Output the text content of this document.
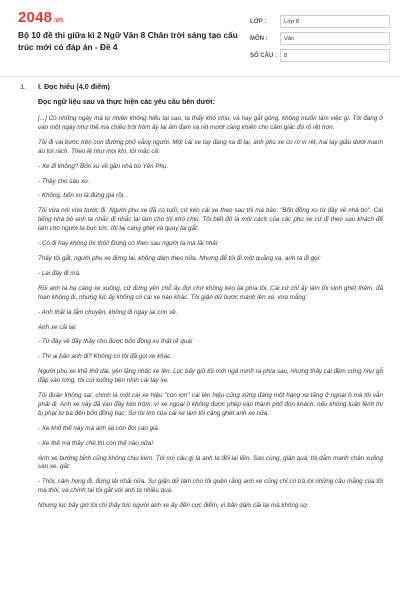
2048 .vn
Bộ 10 đề thi giữa kì 2 Ngữ Văn 8 Chân trời sáng tạo cấu trúc mới có đáp án - Đề 4
LỚP :	Lớp 8
MÔN :	Văn
SỐ CÂU :	8
1. I. Đọc hiểu (4,0 điểm)
Đọc ngữ liệu sau và thực hiện các yêu cầu bên dưới:

[...] Có những ngày mà tự nhiên không hiểu tại sao, ta thấy khó chịu, và hay gắt gỏng, không muốn làm việc gì. Tôi đang ở vào một ngày như thế mà chiều trời hôm ấy lại âm đạm và rét mướt càng khiến cho cảm giác đó rõ rệt hơn.

Tôi đi vài bước trên con đường phố vắng người. Một cái xe tay đang xa đi lại, anh phu xe co ro vì rét, hai tay giấu dưới manh áo tơi rách. Theo lệ như mọi khi, tôi mặc cả:

- Xe đi không? Bốn xu về gần nhà bò Yên Phụ.

- Thầy cho sáu xu.

- Không, bốn xu là đúng giá rồi.

Tôi vừa nói vừa bước đi. Người phu xe đã có tuổi, cứ kéo cái xe theo sau tôi mà bảo: "Bốn đồng xu từ đây về nhà bò". Cái tiếng nhà bò anh ta nhắc đi nhắc lại làm cho tôi khó chịu. Tôi biết đó là một cách của các phu xe cứ đi theo sau khách để làm cho người ta bực tức, tôi lại càng ghét và quay lại gắt:

- Có đi hay không thì thôi! Đừng có theo sau người ta mà lải nhải.

Thấy tôi gắt, người phu xe đứng lại, không dám theo nữa. Nhưng để tôi đi một quãng xa, anh ta đi gọi:

- Lại đây đi mà.

Rồi anh ta hạ càng xe xuống, cử đứng yên chỗ ấy đợi chứ không kéo lại phía tôi. Cái cử chỉ ấy làm tôi sinh ghét thêm, đã toan không đi, nhưng lúc ấy không có cái xe nào khác. Tôi giận dữ bước mạnh lên xe, vừa mắng:

- Anh thật là lắm chuyện, không đi ngay lại còn về.

Anh xe cãi lại:

- Từ đây về đấy thầy cho được bốn đồng xu thật rẻ quá!

- Thì ai bảo anh đi? Không có tôi đã gọi xe khác.

Người phu xe khẽ thở dài, yên lặng nhấc xe lên. Lúc bấy giờ tôi mới ngả mình ra phía sau, nhưng thấy cái đệm cứng như gỗ đập vào lưng, tôi cúi xuống bên nhìn cái tay xe.

Tôi đoán không sai, chính là một cái xe hiệu "con lợn" cái tên hiệu cũng xứng đáng một hạng xe tăng ở ngoại ô mà tôi vẫn phải đi. Anh xe này đã vào đây kéo trộm, vì xe ngoại ô không được phép vào thành phố đón khách, nếu không tuân lệnh thì bị phạt từ ba đến bốn đồng bạc. Sự tôi tìm của cái xe làm tôi càng ghét anh xe nữa.

- Xe khổ thế này mà anh lại còn đòi cao giá.

- Xe thế mà thầy chê thì còn thế nào nữa!

Anh xe bướng bỉnh cũng không chịu kém. Tôi nói câu gì là anh ta đối lại liền. Sau cùng, giận quá, tôi dằm mạnh chân xuống sàn xe, gắt:

- Thôi, câm họng đi, đừng lải nhải nữa. Sự giận dữ làm cho tôi quên rằng anh xe cũng chỉ có trả lời những câu mắng của tôi mà thôi, và chính tại tôi gắt với anh ta nhiều quá.

Nhưng lúc bấy giờ tôi chỉ thấy tức người anh xe ấy đến cực điểm, vì bấn dám cãi lại mà không sợ.
